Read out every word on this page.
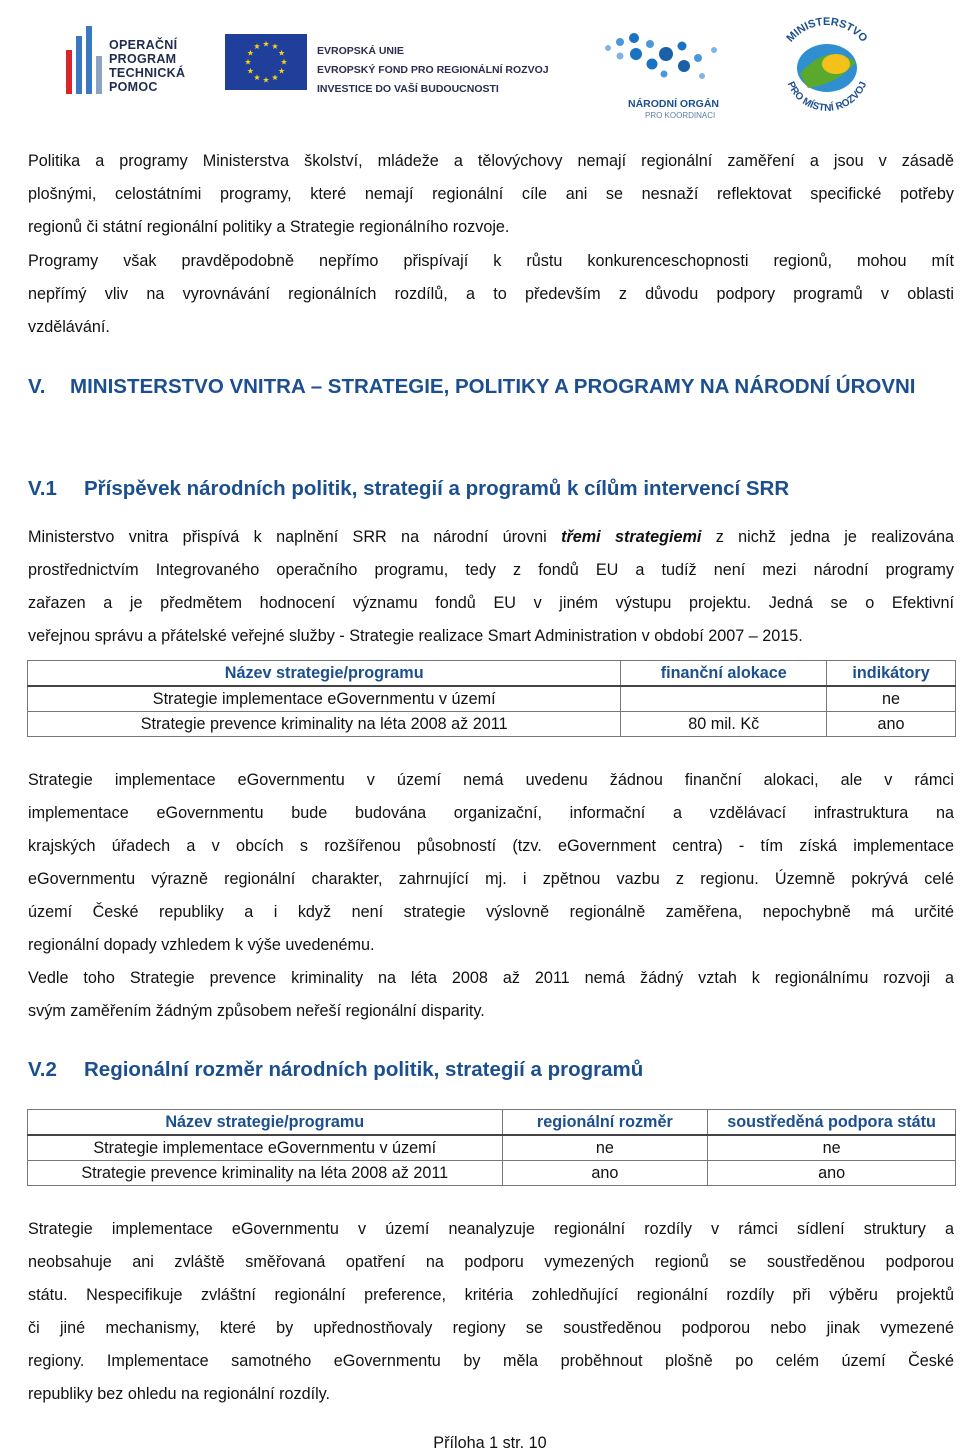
OPERAČNÍ
PROGRAM
TECHNICKÁ
POMOC
EVROPSKÁ UNIE
EVROPSKÝ FOND PRO REGIONÁLNÍ ROZVOJ
INVESTICE DO VAŠÍ BUDOUCNOSTI
NÁRODNÍ ORGÁN
PRO KOORDINACI
MINISTERSTVO
PRO MÍSTNÍ ROZVOJ
Politika a programy Ministerstva školství, mládeže a tělovýchovy nemají regionální zaměření a jsou v zásadě
plošnými, celostátními programy, které nemají regionální cíle ani se nesnaží reflektovat specifické potřeby
regionů či státní regionální politiky a Strategie regionálního rozvoje.
Programy však pravděpodobně nepřímo přispívají k růstu konkurenceschopnosti regionů, mohou mít
nepřímý vliv na vyrovnávání regionálních rozdílů, a to především z důvodu podpory programů v oblasti
vzdělávání.
V. MINISTERSTVO VNITRA – STRATEGIE, POLITIKY A PROGRAMY NA NÁRODNÍ ÚROVNI
V.1 Příspěvek národních politik, strategií a programů k cílům intervencí SRR
Ministerstvo vnitra přispívá k naplnění SRR na národní úrovni třemi strategiemi z nichž jedna je realizována
prostřednictvím Integrovaného operačního programu, tedy z fondů EU a tudíž není mezi národní programy
zařazen a je předmětem hodnocení významu fondů EU v jiném výstupu projektu. Jedná se o Efektivní
veřejnou správu a přátelské veřejné služby - Strategie realizace Smart Administration v období 2007 – 2015.
Název strategie/programu	finanční alokace	indikátory
Strategie implementace eGovernmentu v území		ne
Strategie prevence kriminality na léta 2008 až 2011	80 mil. Kč	ano
Strategie implementace eGovernmentu v území nemá uvedenu žádnou finanční alokaci, ale v rámci
implementace eGovernmentu bude budována organizační, informační a vzdělávací infrastruktura na
krajských úřadech a v obcích s rozšířenou působností (tzv. eGovernment centra) - tím získá implementace
eGovernmentu výrazně regionální charakter, zahrnující mj. i zpětnou vazbu z regionu. Územně pokrývá celé
území České republiky a i když není strategie výslovně regionálně zaměřena, nepochybně má určité
regionální dopady vzhledem k výše uvedenému.
Vedle toho Strategie prevence kriminality na léta 2008 až 2011 nemá žádný vztah k regionálnímu rozvoji a
svým zaměřením žádným způsobem neřeší regionální disparity.
V.2 Regionální rozměr národních politik, strategií a programů
Název strategie/programu	regionální rozměr	soustředěná podpora státu
Strategie implementace eGovernmentu v území	ne	ne
Strategie prevence kriminality na léta 2008 až 2011	ano	ano
Strategie implementace eGovernmentu v území neanalyzuje regionální rozdíly v rámci sídlení struktury a
neobsahuje ani zvláště směřovaná opatření na podporu vymezených regionů se soustředěnou podporou
státu. Nespecifikuje zvláštní regionální preference, kritéria zohledňující regionální rozdíly při výběru projektů
či jiné mechanismy, které by upřednostňovaly regiony se soustředěnou podporou nebo jinak vymezené
regiony. Implementace samotného eGovernmentu by měla proběhnout plošně po celém území České
republiky bez ohledu na regionální rozdíly.
Příloha 1 str. 10
